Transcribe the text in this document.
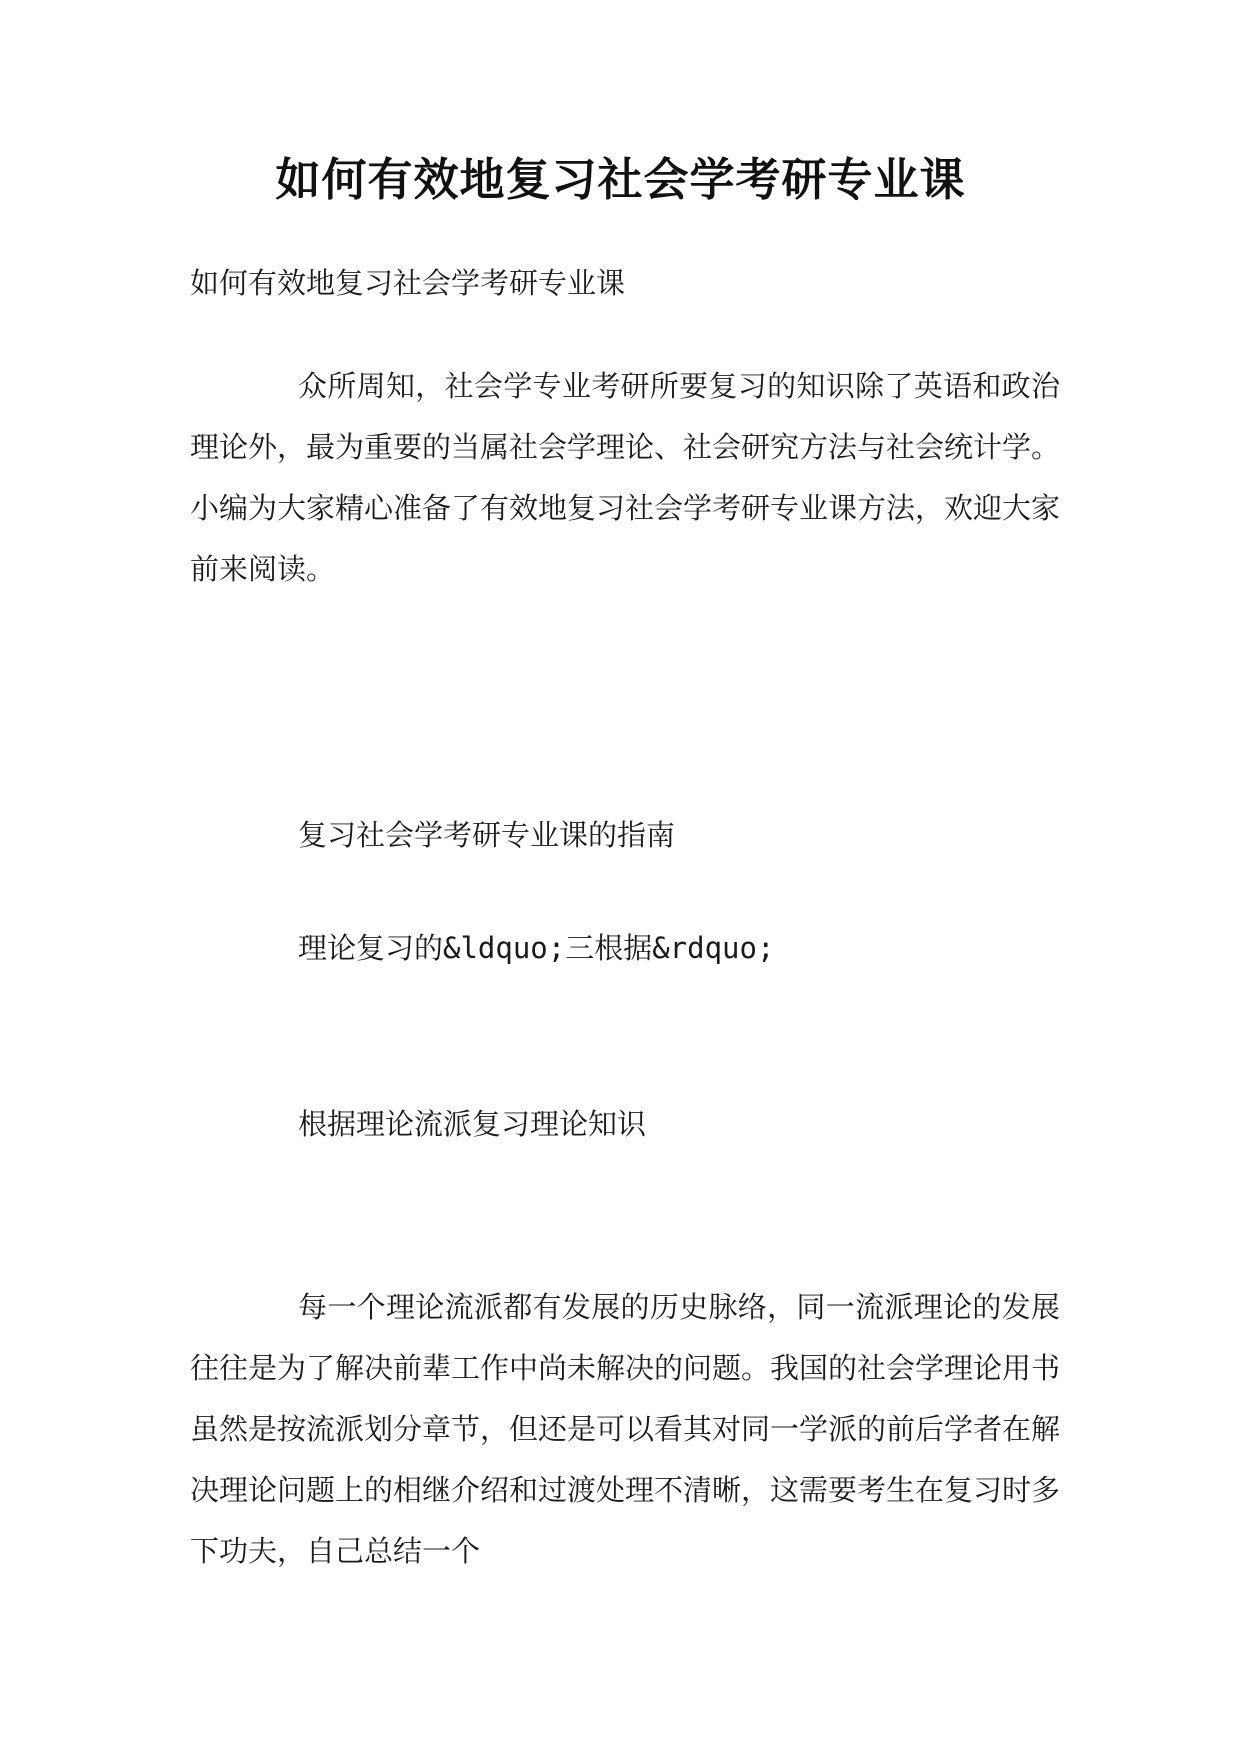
如何有效地复习社会学考研专业课
如何有效地复习社会学考研专业课
众所周知，社会学专业考研所要复习的知识除了英语和政治理论外，最为重要的当属社会学理论、社会研究方法与社会统计学。小编为大家精心准备了有效地复习社会学考研专业课方法，欢迎大家前来阅读。
复习社会学考研专业课的指南
理论复习的&ldquo;三根据&rdquo;
根据理论流派复习理论知识
每一个理论流派都有发展的历史脉络，同一流派理论的发展往往是为了解决前辈工作中尚未解决的问题。我国的社会学理论用书虽然是按流派划分章节，但还是可以看其对同一学派的前后学者在解决理论问题上的相继介绍和过渡处理不清晰，这需要考生在复习时多下功夫，自己总结一个
